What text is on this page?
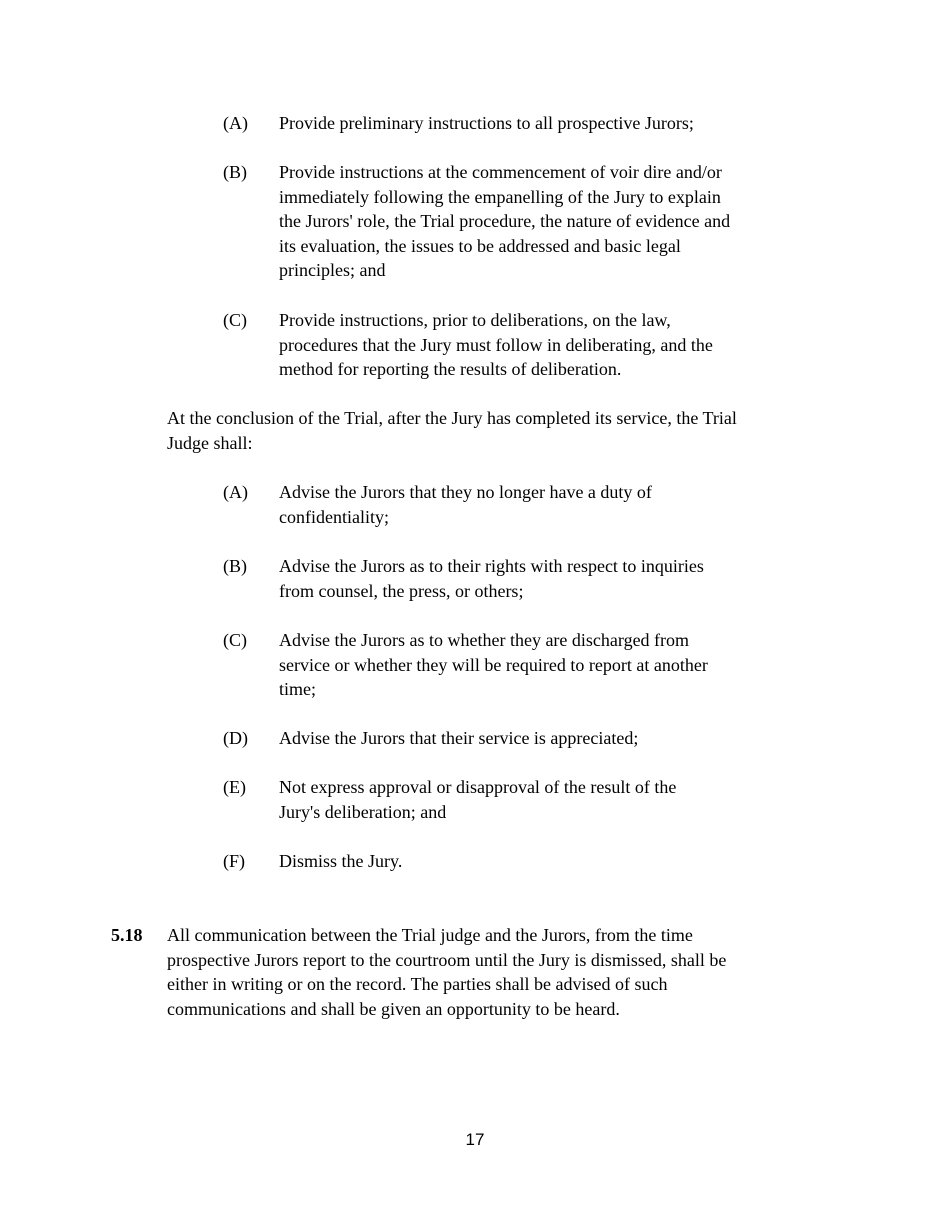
(A) Provide preliminary instructions to all prospective Jurors;
(B) Provide instructions at the commencement of voir dire and/or immediately following the empanelling of the Jury to explain the Jurors' role, the Trial procedure, the nature of evidence and its evaluation, the issues to be addressed and basic legal principles; and
(C) Provide instructions, prior to deliberations, on the law, procedures that the Jury must follow in deliberating, and the method for reporting the results of deliberation.
At the conclusion of the Trial, after the Jury has completed its service, the Trial Judge shall:
(A) Advise the Jurors that they no longer have a duty of confidentiality;
(B) Advise the Jurors as to their rights with respect to inquiries from counsel, the press, or others;
(C) Advise the Jurors as to whether they are discharged from service or whether they will be required to report at another time;
(D) Advise the Jurors that their service is appreciated;
(E) Not express approval or disapproval of the result of the Jury's deliberation; and
(F) Dismiss the Jury.
5.18 All communication between the Trial judge and the Jurors, from the time prospective Jurors report to the courtroom until the Jury is dismissed, shall be either in writing or on the record. The parties shall be advised of such communications and shall be given an opportunity to be heard.
17
